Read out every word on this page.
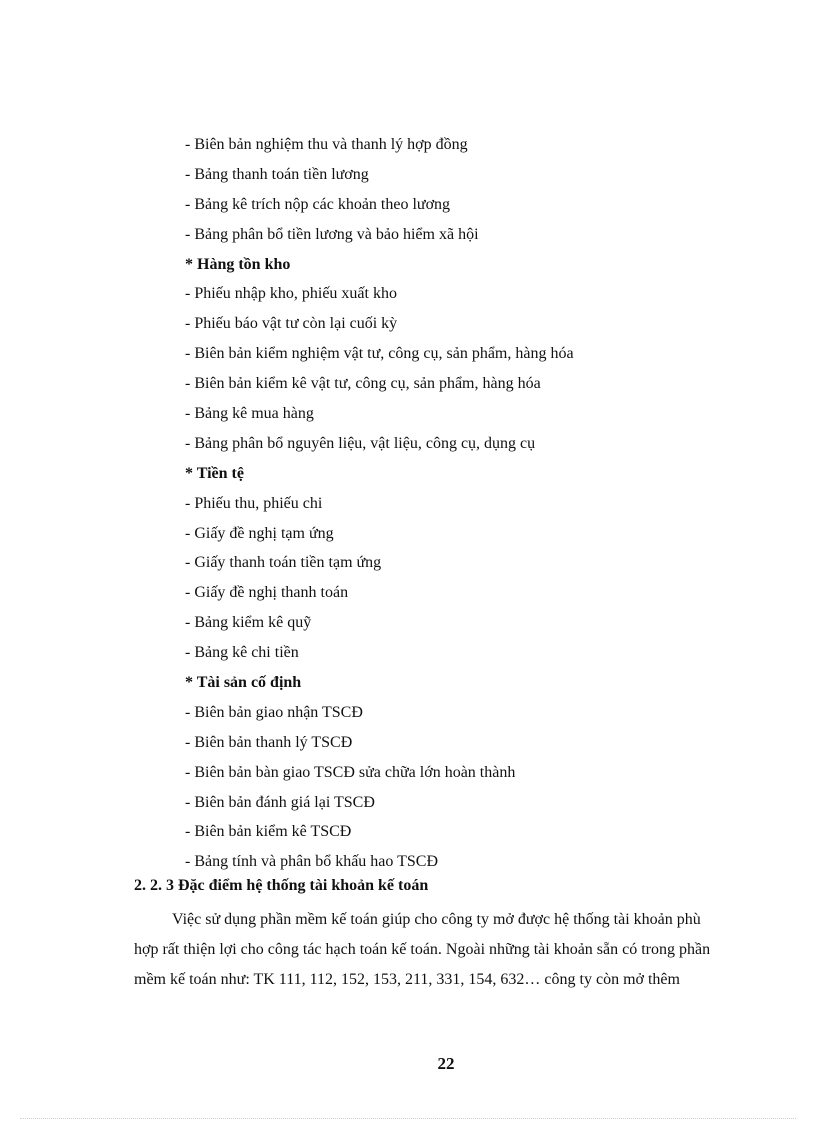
- Biên bản nghiệm thu và thanh lý hợp đồng
- Bảng thanh toán tiền lương
- Bảng kê trích nộp các khoản theo lương
- Bảng phân bổ tiền lương và bảo hiểm xã hội
* Hàng tồn kho
- Phiếu nhập kho, phiếu xuất kho
- Phiếu báo vật tư còn lại cuối kỳ
- Biên bản kiểm nghiệm vật tư, công cụ, sản phẩm, hàng hóa
- Biên bản kiểm kê vật tư, công cụ, sản phẩm, hàng hóa
- Bảng kê mua hàng
- Bảng phân bổ nguyên liệu, vật liệu, công cụ, dụng cụ
* Tiền tệ
- Phiếu thu, phiếu chi
- Giấy đề nghị tạm ứng
- Giấy thanh toán tiền tạm ứng
- Giấy đề nghị thanh toán
- Bảng kiểm kê quỹ
- Bảng kê chi tiền
* Tài sản cố định
- Biên bản giao nhận TSCĐ
- Biên bản thanh lý TSCĐ
- Biên bản bàn giao TSCĐ sửa chữa lớn hoàn thành
- Biên bản đánh giá lại TSCĐ
- Biên bản kiểm kê TSCĐ
- Bảng tính và phân bổ khấu hao TSCĐ
2. 2. 3 Đặc điểm hệ thống tài khoản kế toán

Việc sử dụng phần mềm kế toán giúp cho công ty mở được hệ thống tài khoản phù
hợp rất thiện lợi cho công tác hạch toán kế toán. Ngoài những tài khoản sẵn có trong phần
mềm kế toán như: TK 111, 112, 152, 153, 211, 331, 154, 632… công ty còn mở thêm

22
